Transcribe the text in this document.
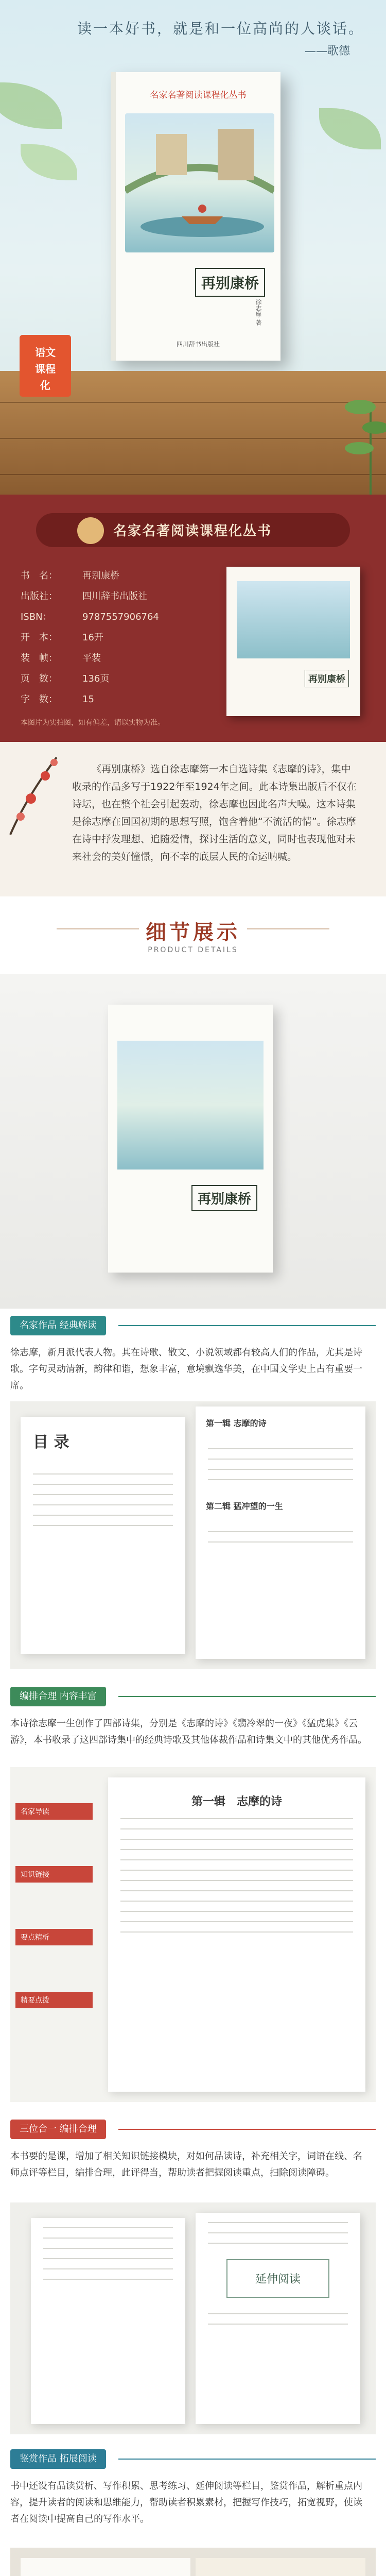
读一本好书，就是和一位高尚的人谈话。
——歌德
名家名著阅读课程化丛书
再别康桥
徐志摩 著
四川辞书出版社
语文
课程
化
名家名著阅读课程化丛书
书　名：	再别康桥
出版社：	四川辞书出版社
ISBN：	9787557906764
开　本：	16开
装　帧：	平装
页　数：	136页
字　数：	15
再别康桥
本图片为实拍图，如有偏差，请以实物为准。

《再别康桥》选自徐志摩第一本自选诗集《志摩的诗》，集中收录的作品多写于1922年至1924年之间。此本诗集出版后不仅在诗坛，也在整个社会引起轰动，徐志摩也因此名声大噪。这本诗集是徐志摩在回国初期的思想写照，饱含着他“不流活的情”。徐志摩在诗中抒发理想、追随爱情，探讨生活的意义，同时也表现他对未来社会的美好憧憬，向不幸的底层人民的命运呐喊。

细节展示
PRODUCT DETAILS
再别康桥
名家作品 经典解读
徐志摩，新月派代表人物。其在诗歌、散文、小说领域都有较高人们的作品，尤其是诗歌。字句灵动清新，韵律和谐，想象丰富，意境飘逸华美，在中国文学史上占有重要一席。
目 录
第一辑 志摩的诗
第二辑 猛冲望的一生
编排合理 内容丰富
本诗徐志摩一生创作了四部诗集，分别是《志摩的诗》《翡冷翠的一夜》《猛虎集》《云游》，本书收录了这四部诗集中的经典诗歌及其他体裁作品和诗集文中的其他优秀作品。
名家导读
知识链接
要点精析
精要点拨
第一辑　志摩的诗
三位合一 编排合理
本书要的是课，增加了相关知识链接模块，对如何品读诗，补充相关字，词语在线、名师点评等栏目，编排合理，此评得当，帮助读者把握阅读重点，扫除阅读障碍。
延伸阅读
鉴赏作品 拓展阅读
书中还设有品读赏析、写作积累、思考练习、延伸阅读等栏目，鉴赏作品，解析重点内容，提升读者的阅读和思维能力，帮助读者积累素材，把握写作技巧，拓宽视野，使读者在阅读中提高自己的写作水平。
